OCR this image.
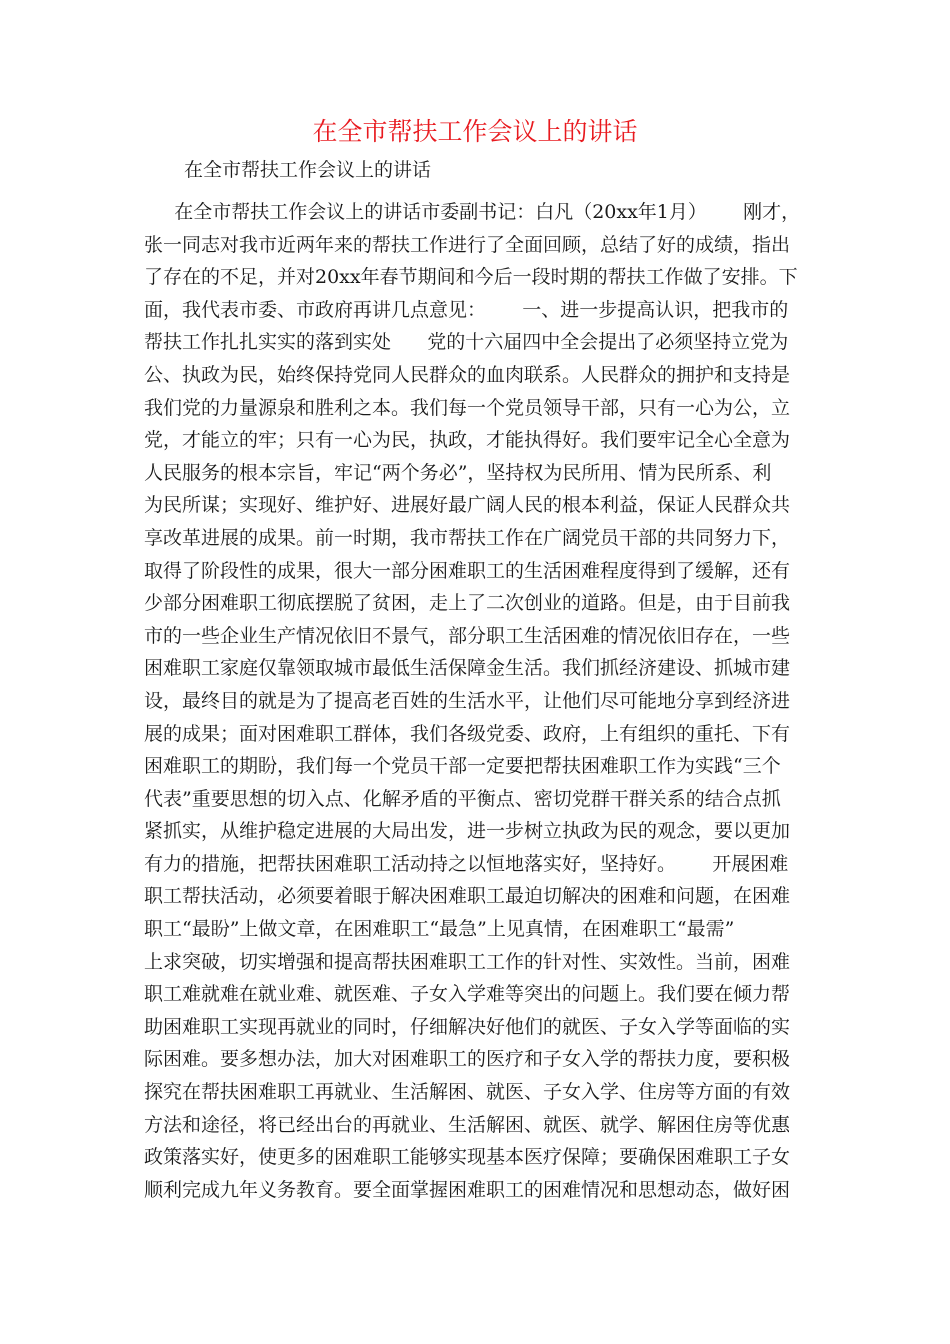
在全市帮扶工作会议上的讲话
在全市帮扶工作会议上的讲话
在全市帮扶工作会议上的讲话市委副书记：白凡（20xx年1月）      刚才，
张一同志对我市近两年来的帮扶工作进行了全面回顾，总结了好的成绩，指出
了存在的不足，并对20xx年春节期间和今后一段时期的帮扶工作做了安排。下
面，我代表市委、市政府再讲几点意见：      一、进一步提高认识，把我市的
帮扶工作扎扎实实的落到实处      党的十六届四中全会提出了必须坚持立党为
公、执政为民，始终保持党同人民群众的血肉联系。人民群众的拥护和支持是
我们党的力量源泉和胜利之本。我们每一个党员领导干部，只有一心为公，立
党，才能立的牢；只有一心为民，执政，才能执得好。我们要牢记全心全意为
人民服务的根本宗旨，牢记“两个务必”，坚持权为民所用、情为民所系、利
为民所谋；实现好、维护好、进展好最广阔人民的根本利益，保证人民群众共
享改革进展的成果。前一时期，我市帮扶工作在广阔党员干部的共同努力下，
取得了阶段性的成果，很大一部分困难职工的生活困难程度得到了缓解，还有
少部分困难职工彻底摆脱了贫困，走上了二次创业的道路。但是，由于目前我
市的一些企业生产情况依旧不景气，部分职工生活困难的情况依旧存在，一些
困难职工家庭仅靠领取城市最低生活保障金生活。我们抓经济建设、抓城市建
设，最终目的就是为了提高老百姓的生活水平，让他们尽可能地分享到经济进
展的成果；面对困难职工群体，我们各级党委、政府，上有组织的重托、下有
困难职工的期盼，我们每一个党员干部一定要把帮扶困难职工作为实践“三个
代表”重要思想的切入点、化解矛盾的平衡点、密切党群干群关系的结合点抓
紧抓实，从维护稳定进展的大局出发，进一步树立执政为民的观念，要以更加
有力的措施，把帮扶困难职工活动持之以恒地落实好，坚持好。      开展困难
职工帮扶活动，必须要着眼于解决困难职工最迫切解决的困难和问题，在困难
职工“最盼”上做文章，在困难职工“最急”上见真情，在困难职工“最需”
上求突破，切实增强和提高帮扶困难职工工作的针对性、实效性。当前，困难
职工难就难在就业难、就医难、子女入学难等突出的问题上。我们要在倾力帮
助困难职工实现再就业的同时，仔细解决好他们的就医、子女入学等面临的实
际困难。要多想办法，加大对困难职工的医疗和子女入学的帮扶力度，要积极
探究在帮扶困难职工再就业、生活解困、就医、子女入学、住房等方面的有效
方法和途径，将已经出台的再就业、生活解困、就医、就学、解困住房等优惠
政策落实好，使更多的困难职工能够实现基本医疗保障；要确保困难职工子女
顺利完成九年义务教育。要全面掌握困难职工的困难情况和思想动态，做好困
